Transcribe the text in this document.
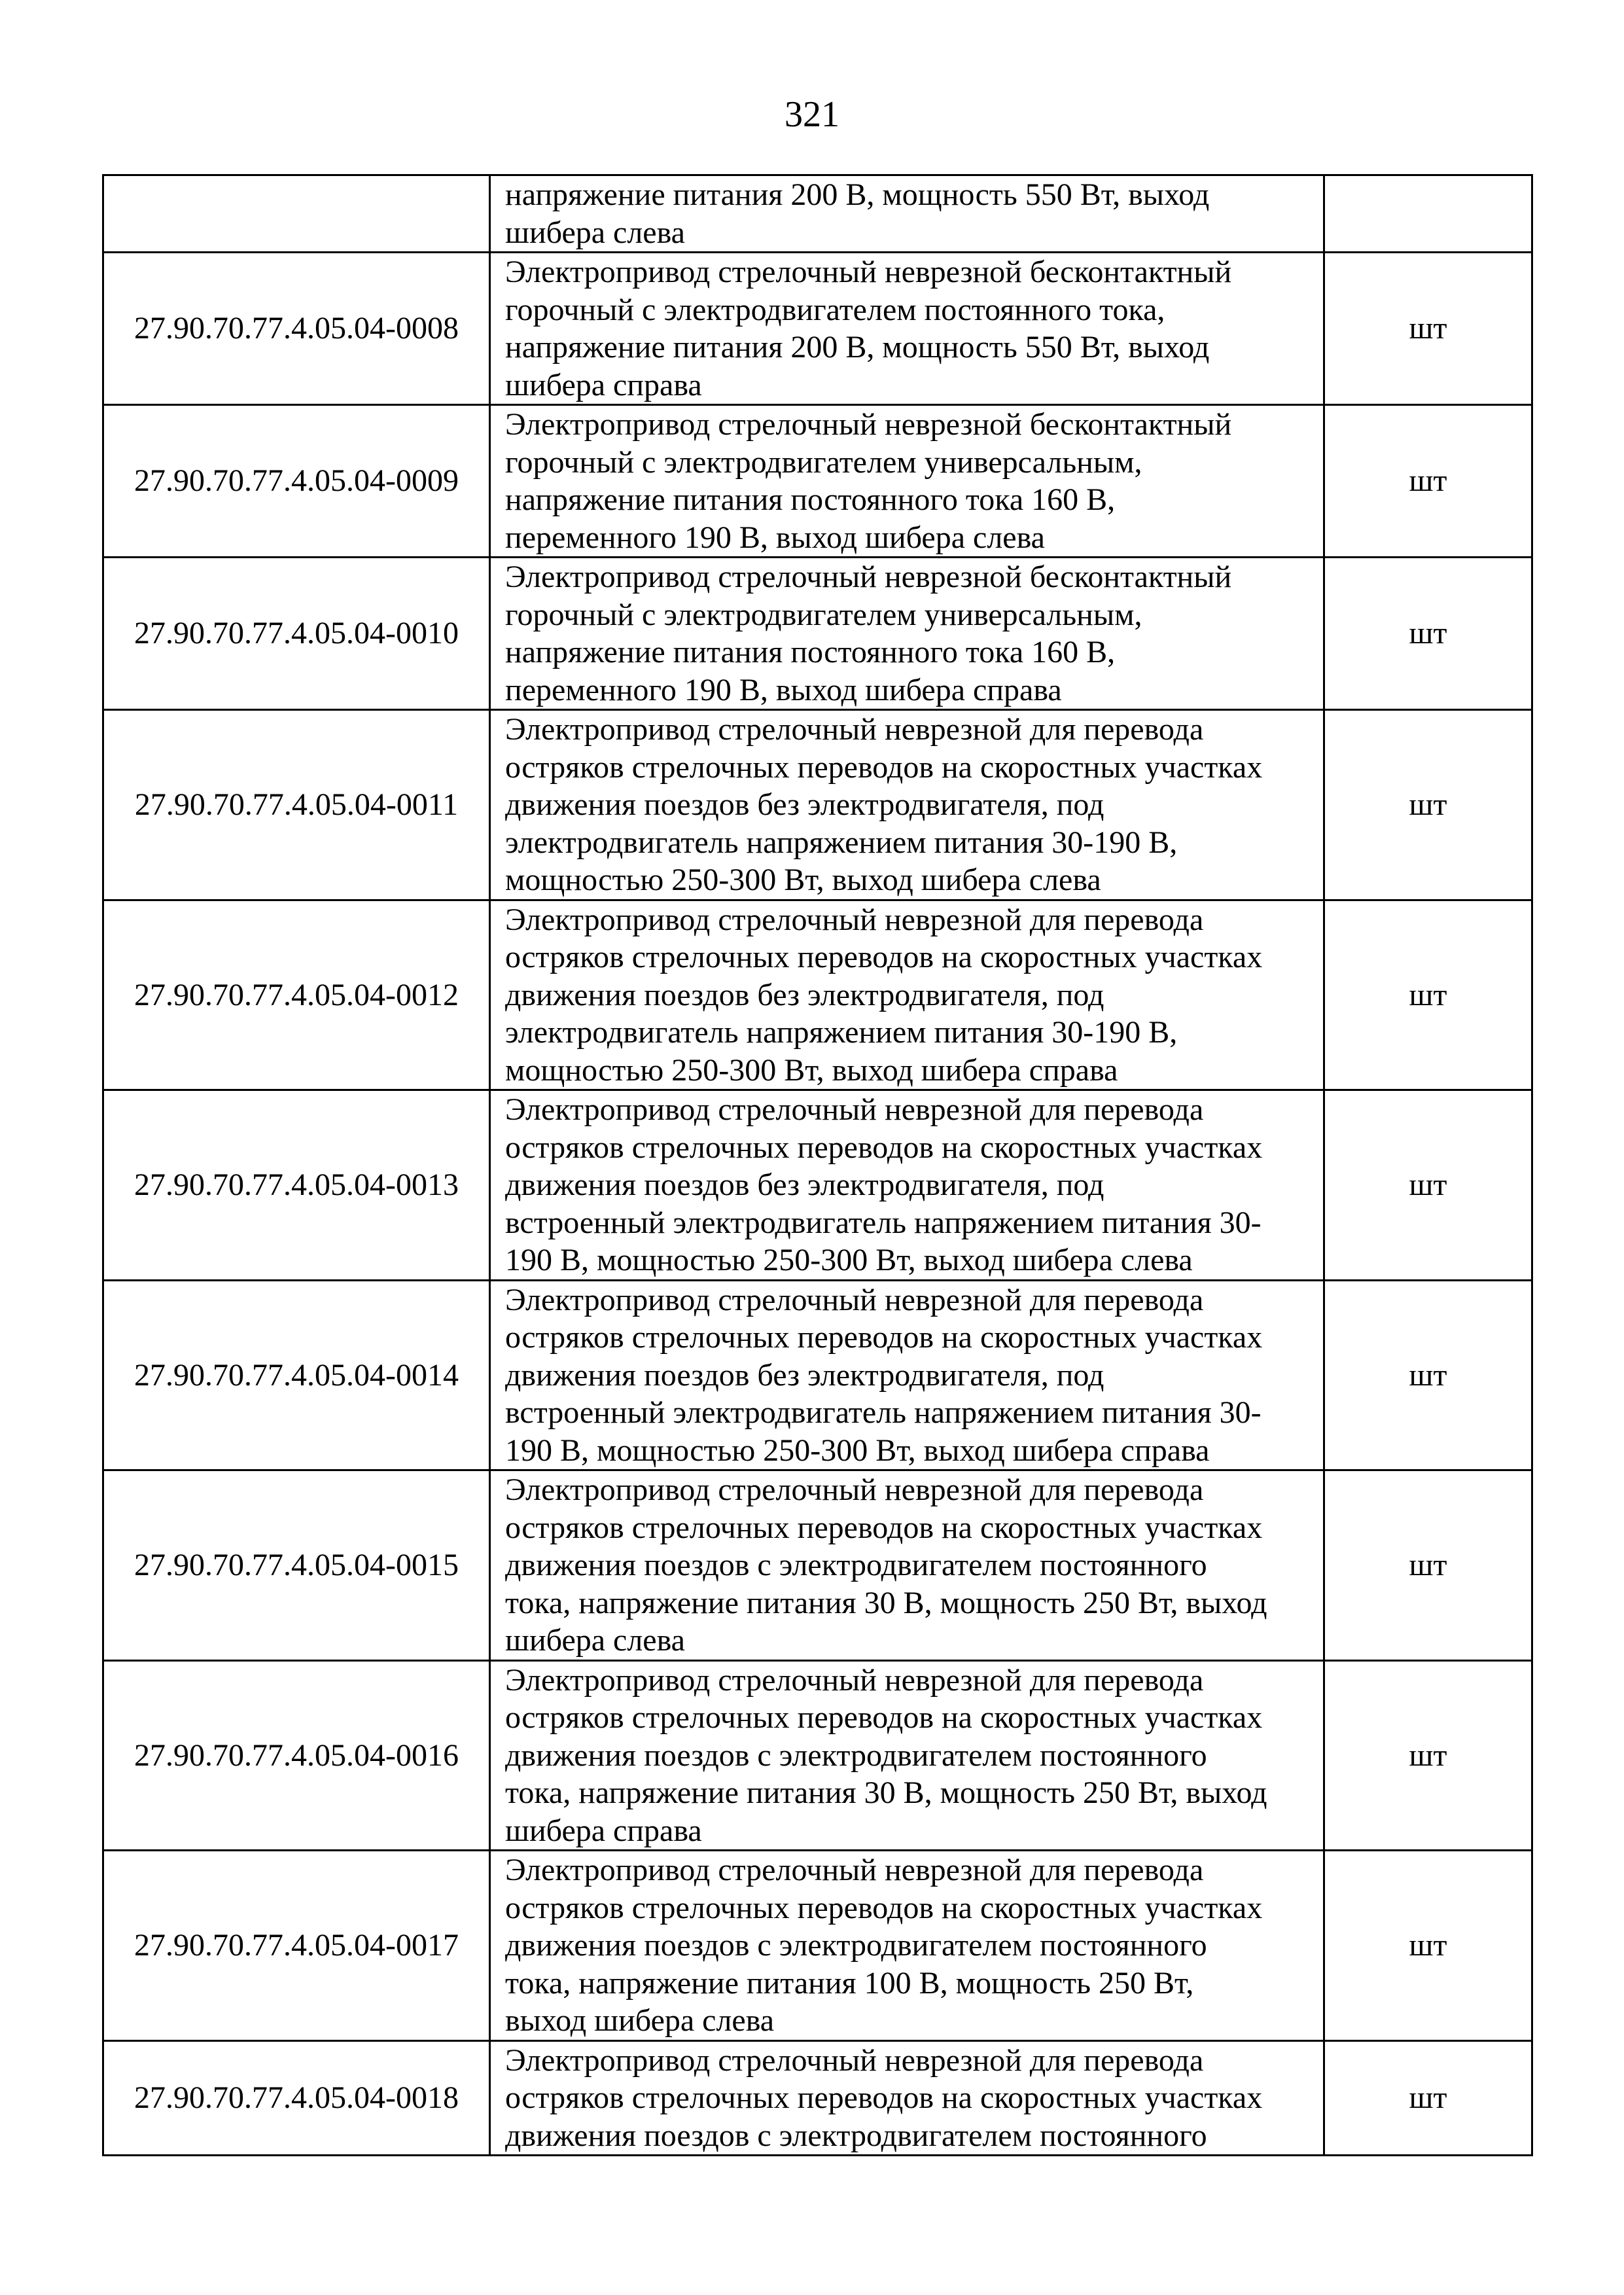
321

	напряжение питания 200 В, мощность 550 Вт, выход
шибера слева	

27.90.70.77.4.05.04-0008	Электропривод стрелочный неврезной бесконтактный
горочный с электродвигателем постоянного тока,
напряжение питания 200 В, мощность 550 Вт, выход
шибера справа	шт
27.90.70.77.4.05.04-0009	Электропривод стрелочный неврезной бесконтактный
горочный с электродвигателем универсальным,
напряжение питания постоянного тока 160 В,
переменного 190 В, выход шибера слева	шт
27.90.70.77.4.05.04-0010	Электропривод стрелочный неврезной бесконтактный
горочный с электродвигателем универсальным,
напряжение питания постоянного тока 160 В,
переменного 190 В, выход шибера справа	шт
27.90.70.77.4.05.04-0011	Электропривод стрелочный неврезной для перевода
остряков стрелочных переводов на скоростных участках
движения поездов без электродвигателя, под
электродвигатель напряжением питания 30-190 В,
мощностью 250-300 Вт, выход шибера слева	шт
27.90.70.77.4.05.04-0012	Электропривод стрелочный неврезной для перевода
остряков стрелочных переводов на скоростных участках
движения поездов без электродвигателя, под
электродвигатель напряжением питания 30-190 В,
мощностью 250-300 Вт, выход шибера справа	шт
27.90.70.77.4.05.04-0013	Электропривод стрелочный неврезной для перевода
остряков стрелочных переводов на скоростных участках
движения поездов без электродвигателя, под
встроенный электродвигатель напряжением питания 30-
190 В, мощностью 250-300 Вт, выход шибера слева	шт
27.90.70.77.4.05.04-0014	Электропривод стрелочный неврезной для перевода
остряков стрелочных переводов на скоростных участках
движения поездов без электродвигателя, под
встроенный электродвигатель напряжением питания 30-
190 В, мощностью 250-300 Вт, выход шибера справа	шт
27.90.70.77.4.05.04-0015	Электропривод стрелочный неврезной для перевода
остряков стрелочных переводов на скоростных участках
движения поездов с электродвигателем постоянного
тока, напряжение питания 30 В, мощность 250 Вт, выход
шибера слева	шт
27.90.70.77.4.05.04-0016	Электропривод стрелочный неврезной для перевода
остряков стрелочных переводов на скоростных участках
движения поездов с электродвигателем постоянного
тока, напряжение питания 30 В, мощность 250 Вт, выход
шибера справа	шт
27.90.70.77.4.05.04-0017	Электропривод стрелочный неврезной для перевода
остряков стрелочных переводов на скоростных участках
движения поездов с электродвигателем постоянного
тока, напряжение питания 100 В, мощность 250 Вт,
выход шибера слева	шт
27.90.70.77.4.05.04-0018	Электропривод стрелочный неврезной для перевода
остряков стрелочных переводов на скоростных участках
движения поездов с электродвигателем постоянного	шт
